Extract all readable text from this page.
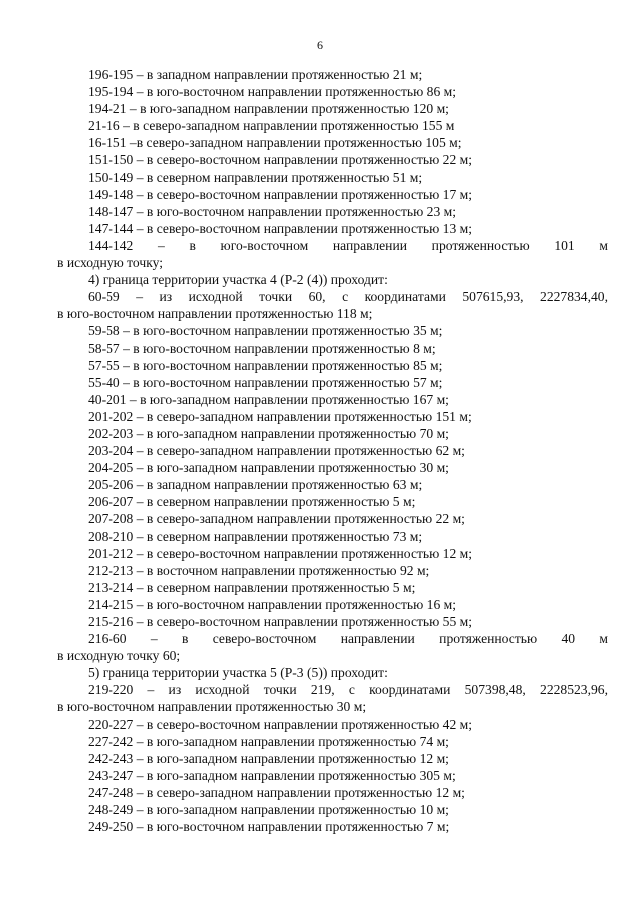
6
196-195 – в западном направлении протяженностью 21 м;
195-194 – в юго-восточном направлении протяженностью 86 м;
194-21 – в юго-западном направлении протяженностью 120 м;
21-16 – в северо-западном направлении протяженностью 155 м
16-151 –в северо-западном направлении протяженностью 105 м;
151-150 – в северо-восточном направлении протяженностью 22 м;
150-149 – в северном направлении протяженностью 51 м;
149-148 – в северо-восточном направлении протяженностью 17 м;
148-147 – в юго-восточном направлении протяженностью 23 м;
147-144 – в северо-восточном направлении протяженностью 13 м;
144-142 – в юго-восточном направлении протяженностью 101 м
в исходную точку;
4) граница территории участка 4 (Р-2 (4)) проходит:
60-59 – из исходной точки 60, с координатами 507615,93, 2227834,40,
в юго-восточном направлении протяженностью 118 м;
59-58 – в юго-восточном направлении протяженностью 35 м;
58-57 – в юго-восточном направлении протяженностью 8 м;
57-55 – в юго-восточном направлении протяженностью 85 м;
55-40 – в юго-восточном направлении протяженностью 57 м;
40-201 – в юго-западном направлении протяженностью 167 м;
201-202 – в северо-западном направлении протяженностью 151 м;
202-203 – в юго-западном направлении протяженностью 70 м;
203-204 – в северо-западном направлении протяженностью 62 м;
204-205 – в юго-западном направлении протяженностью 30 м;
205-206 – в западном направлении протяженностью 63 м;
206-207 – в северном направлении протяженностью 5 м;
207-208 – в северо-западном направлении протяженностью 22 м;
208-210 – в северном направлении протяженностью 73 м;
201-212 – в северо-восточном направлении протяженностью 12 м;
212-213 – в восточном направлении протяженностью 92 м;
213-214 – в северном направлении протяженностью 5 м;
214-215 – в юго-восточном направлении протяженностью 16 м;
215-216 – в северо-восточном направлении протяженностью 55 м;
216-60 – в северо-восточном направлении протяженностью 40 м
в исходную точку 60;
5) граница территории участка 5 (Р-3 (5)) проходит:
219-220 – из исходной точки 219, с координатами 507398,48, 2228523,96,
в юго-восточном направлении протяженностью 30 м;
220-227 – в северо-восточном направлении протяженностью 42 м;
227-242 – в юго-западном направлении протяженностью 74 м;
242-243 – в юго-западном направлении протяженностью 12 м;
243-247 – в юго-западном направлении протяженностью 305 м;
247-248 – в северо-западном направлении протяженностью 12 м;
248-249 – в юго-западном направлении протяженностью 10 м;
249-250 – в юго-восточном направлении протяженностью 7 м;
